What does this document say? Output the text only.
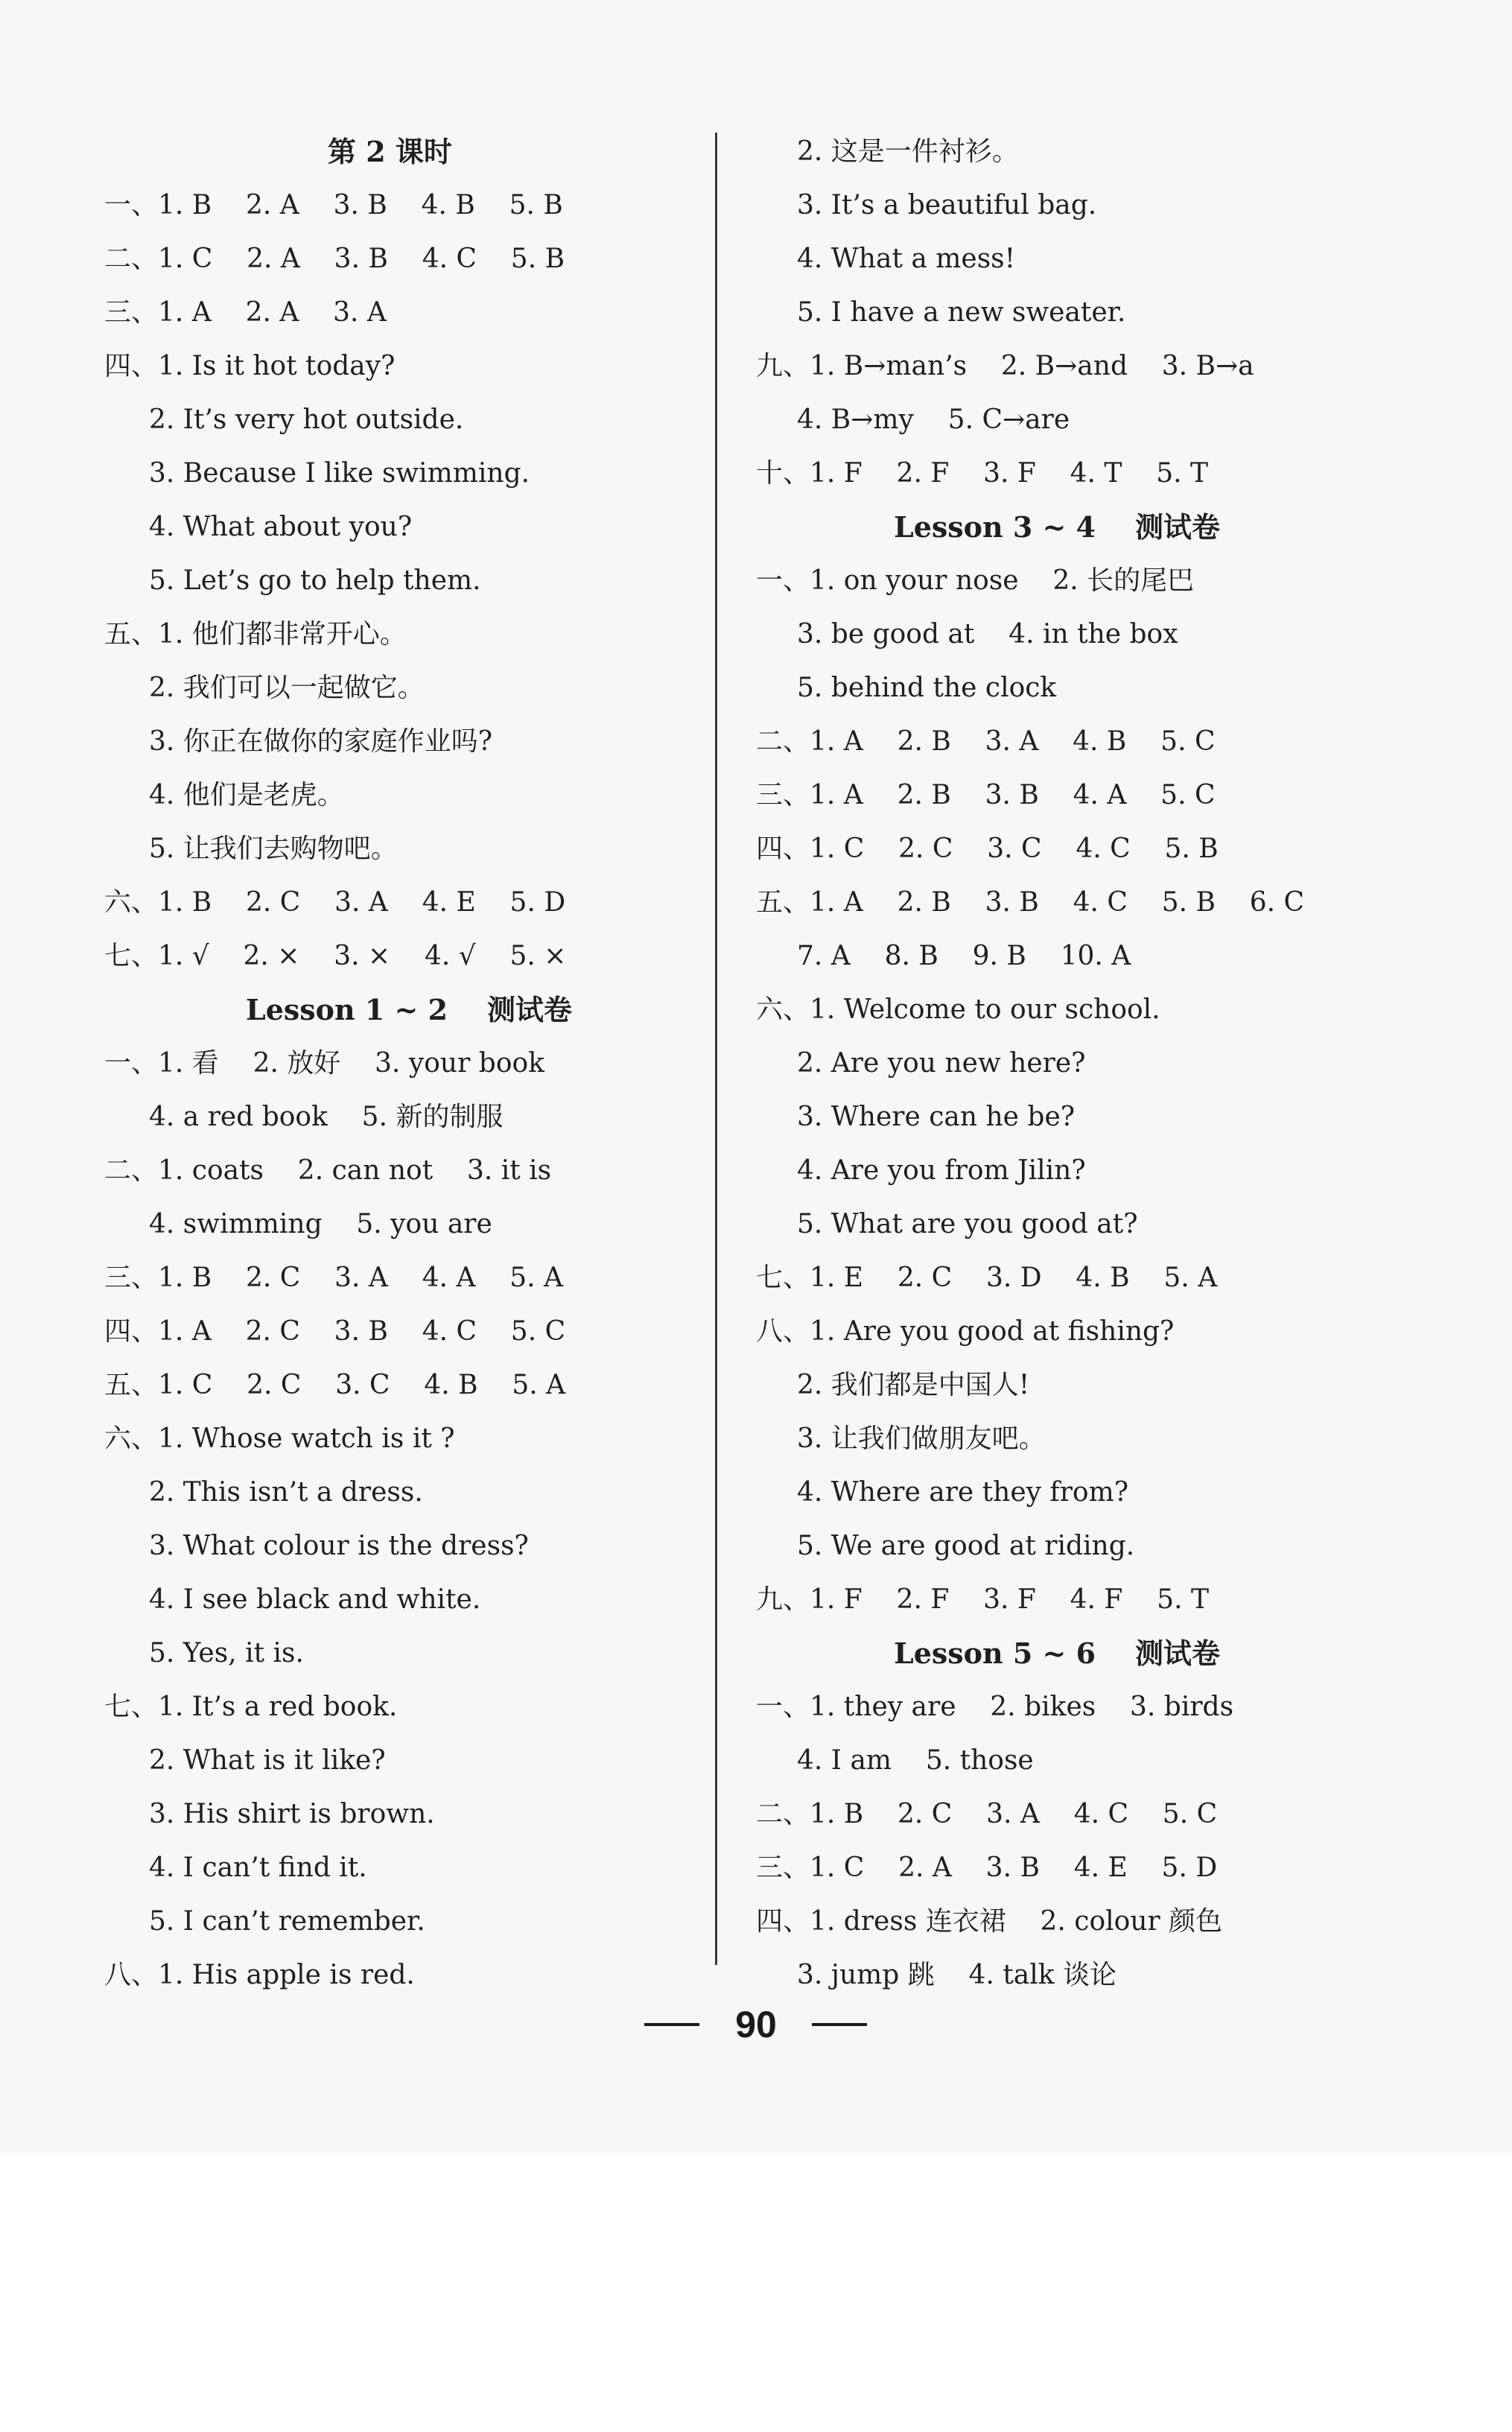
第 2 课时
一、1. B    2. A    3. B    4. B    5. B
二、1. C    2. A    3. B    4. C    5. B
三、1. A    2. A    3. A
四、1. Is it hot today?
2. It’s very hot outside.
3. Because I like swimming.
4. What about you?
5. Let’s go to help them.
五、1. 他们都非常开心。
2. 我们可以一起做它。
3. 你正在做你的家庭作业吗?
4. 他们是老虎。
5. 让我们去购物吧。
六、1. B    2. C    3. A    4. E    5. D
七、1. √    2. ×    3. ×    4. √    5. ×
Lesson 1 ~ 2    测试卷
一、1. 看    2. 放好    3. your book
4. a red book    5. 新的制服
二、1. coats    2. can not    3. it is
4. swimming    5. you are
三、1. B    2. C    3. A    4. A    5. A
四、1. A    2. C    3. B    4. C    5. C
五、1. C    2. C    3. C    4. B    5. A
六、1. Whose watch is it ?
2. This isn’t a dress.
3. What colour is the dress?
4. I see black and white.
5. Yes, it is.
七、1. It’s a red book.
2. What is it like?
3. His shirt is brown.
4. I can’t find it.
5. I can’t remember.
八、1. His apple is red.
2. 这是一件衬衫。
3. It’s a beautiful bag.
4. What a mess!
5. I have a new sweater.
九、1. B→man’s    2. B→and    3. B→a
4. B→my    5. C→are
十、1. F    2. F    3. F    4. T    5. T
Lesson 3 ~ 4    测试卷
一、1. on your nose    2. 长的尾巴
3. be good at    4. in the box
5. behind the clock
二、1. A    2. B    3. A    4. B    5. C
三、1. A    2. B    3. B    4. A    5. C
四、1. C    2. C    3. C    4. C    5. B
五、1. A    2. B    3. B    4. C    5. B    6. C
7. A    8. B    9. B    10. A
六、1. Welcome to our school.
2. Are you new here?
3. Where can he be?
4. Are you from Jilin?
5. What are you good at?
七、1. E    2. C    3. D    4. B    5. A
八、1. Are you good at fishing?
2. 我们都是中国人!
3. 让我们做朋友吧。
4. Where are they from?
5. We are good at riding.
九、1. F    2. F    3. F    4. F    5. T
Lesson 5 ~ 6    测试卷
一、1. they are    2. bikes    3. birds
4. I am    5. those
二、1. B    2. C    3. A    4. C    5. C
三、1. C    2. A    3. B    4. E    5. D
四、1. dress 连衣裙    2. colour 颜色
3. jump 跳    4. talk 谈论
90
